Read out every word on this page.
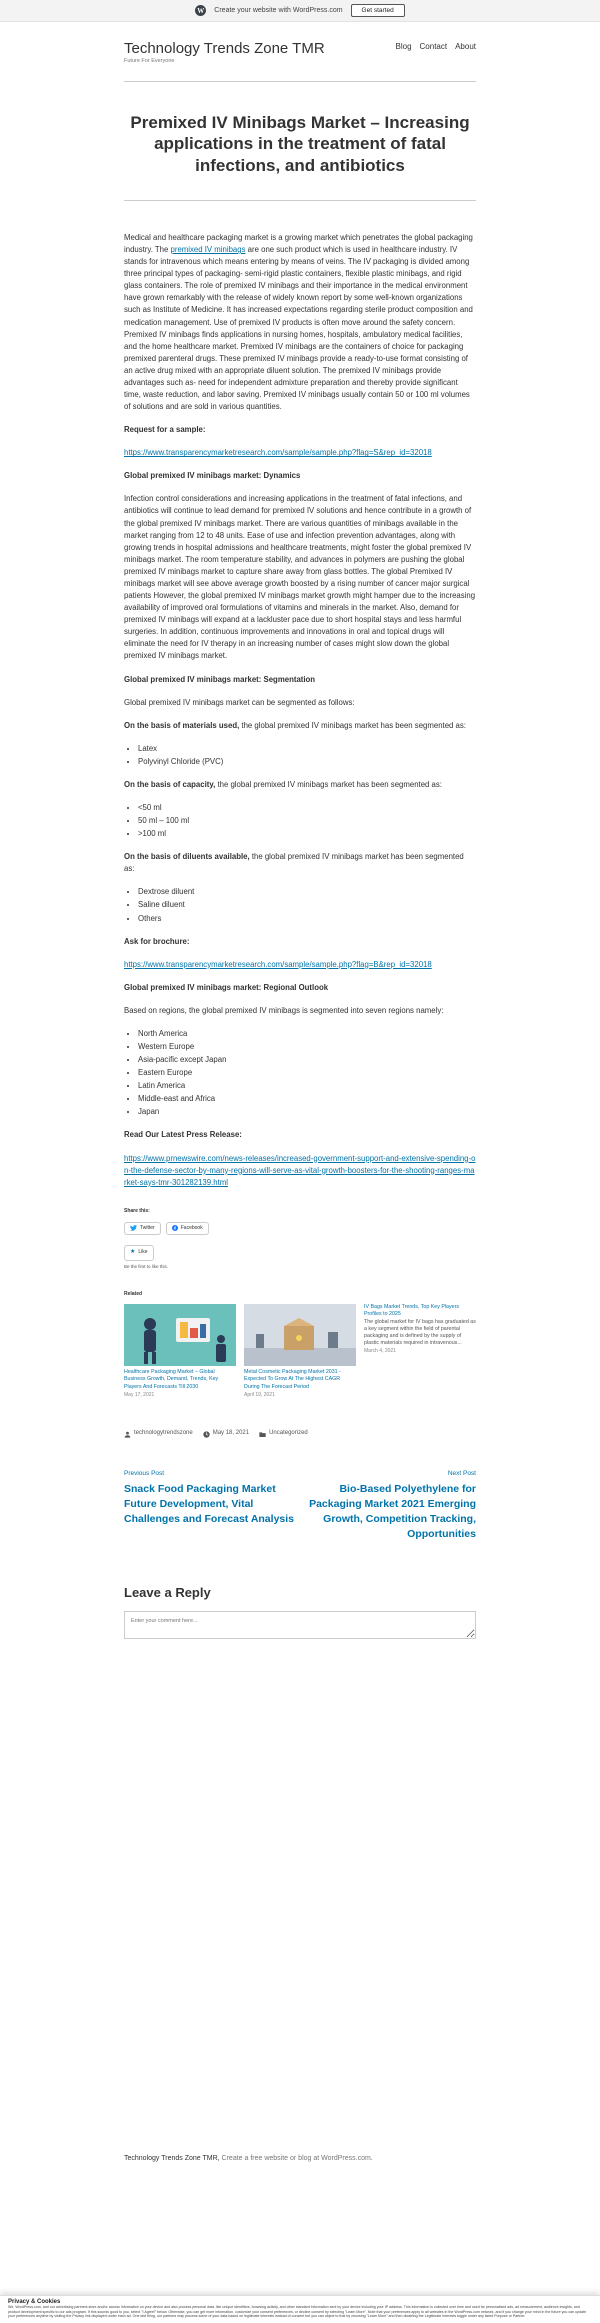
W Create your website with WordPress.com	Get started
Technology Trends Zone TMR
Future For Everyone
Blog Contact About
Premixed IV Minibags Market – Increasing applications in the treatment of fatal infections, and antibiotics

Medical and healthcare packaging market is a growing market which penetrates the global packaging industry. The premixed IV minibags are one such product which is used in healthcare industry. IV stands for intravenous which means entering by means of veins. The IV packaging is divided among three principal types of packaging- semi-rigid plastic containers, flexible plastic minibags, and rigid glass containers. The role of premixed IV minibags and their importance in the medical environment have grown remarkably with the release of widely known report by some well-known organizations such as Institute of Medicine. It has increased expectations regarding sterile product composition and medication management. Use of premixed IV products is often move around the safety concern. Premixed IV minibags finds applications in nursing homes, hospitals, ambulatory medical facilities, and the home healthcare market. Premixed IV minibags are the containers of choice for packaging premixed parenteral drugs. These premixed IV minibags provide a ready-to-use format consisting of an active drug mixed with an appropriate diluent solution. The premixed IV minibags provide advantages such as- need for independent admixture preparation and thereby provide significant time, waste reduction, and labor saving. Premixed IV minibags usually contain 50 or 100 ml volumes of solutions and are sold in various quantities.

Request for a sample:

https://www.transparencymarketresearch.com/sample/sample.php?flag=S&rep_id=32018

Global premixed IV minibags market: Dynamics

Infection control considerations and increasing applications in the treatment of fatal infections, and antibiotics will continue to lead demand for premixed IV solutions and hence contribute in a growth of the global premixed IV minibags market. There are various quantities of minibags available in the market ranging from 12 to 48 units. Ease of use and infection prevention advantages, along with growing trends in hospital admissions and healthcare treatments, might foster the global premixed IV minibags market. The room temperature stability, and advances in polymers are pushing the global premixed IV minibags market to capture share away from glass bottles. The global Premixed IV minibags market will see above average growth boosted by a rising number of cancer major surgical patients However, the global premixed IV minibags market growth might hamper due to the increasing availability of improved oral formulations of vitamins and minerals in the market. Also, demand for premixed IV minibags will expand at a lackluster pace due to short hospital stays and less harmful surgeries. In addition, continuous improvements and innovations in oral and topical drugs will eliminate the need for IV therapy in an increasing number of cases might slow down the global premixed IV minibags market.

Global premixed IV minibags market: Segmentation

Global premixed IV minibags market can be segmented as follows:

On the basis of materials used, the global premixed IV minibags market has been segmented as:

• Latex
• Polyvinyl Chloride (PVC)

On the basis of capacity, the global premixed IV minibags market has been segmented as:

• <50 ml
• 50 ml – 100 ml
• >100 ml

On the basis of diluents available, the global premixed IV minibags market has been segmented as:

• Dextrose diluent
• Saline diluent
• Others
Ask for brochure:

https://www.transparencymarketresearch.com/sample/sample.php?flag=B&rep_id=32018

Global premixed IV minibags market: Regional Outlook

Based on regions, the global premixed IV minibags is segmented into seven regions namely:

• North America
• Western Europe
• Asia-pacific except Japan
• Eastern Europe
• Latin America
• Middle-east and Africa
• Japan
Read Our Latest Press Release:

https://www.prnewswire.com/news-releases/increased-government-support-and-extensive-spending-on-the-defense-sector-by-many-regions-will-serve-as-vital-growth-boosters-for-the-shooting-ranges-market-says-tmr-301282139.html

Share this:
Twitter	Facebook
★ Like
Be the first to like this.
Related
Healthcare Packaging Market – Global Business Growth, Demand, Trends, Key Players And Forecasts Till 2030
May 17, 2021
Metal Cosmetic Packaging Market 2031 - Expected To Grow At The Highest CAGR During The Forecast Period
April 19, 2021
IV Bags Market Trends, Top Key Players Profiles to 2025
The global market for IV bags has graduated as a key segment within the field of parental packaging and is defined by the supply of plastic materials required in intravenous...
March 4, 2021
technologytrendszone	May 18, 2021	Uncategorized
Previous Post
Snack Food Packaging Market Future Development, Vital Challenges and Forecast Analysis
Next Post
Bio-Based Polyethylene for Packaging Market 2021 Emerging Growth, Competition Tracking, Opportunities
Leave a Reply
Enter your comment here...
Technology Trends Zone TMR, Create a free website or blog at WordPress.com.
Privacy & Cookies
We, WordPress.com, and our advertising partners store and/or access information on your device and also process personal data, like unique identifiers, browsing activity, and other standard information sent by your device including your IP address. This information is collected over time and used for personalised ads, ad measurement, audience insights, and product development specific to our ads program. If this sounds good to you, select "I Agree!" below. Otherwise, you can get more information, customize your consent preferences, or decline consent by selecting "Learn More". Note that your preferences apply to all websites in the WordPress.com network, and if you change your mind in the future you can update your preferences anytime by visiting the Privacy link displayed under each ad. One last thing, our partners may process some of your data based on legitimate interests instead of consent but you can object to that by choosing "Learn More" and then disabling the Legitimate Interests toggle under any listed Purpose or Partner.
